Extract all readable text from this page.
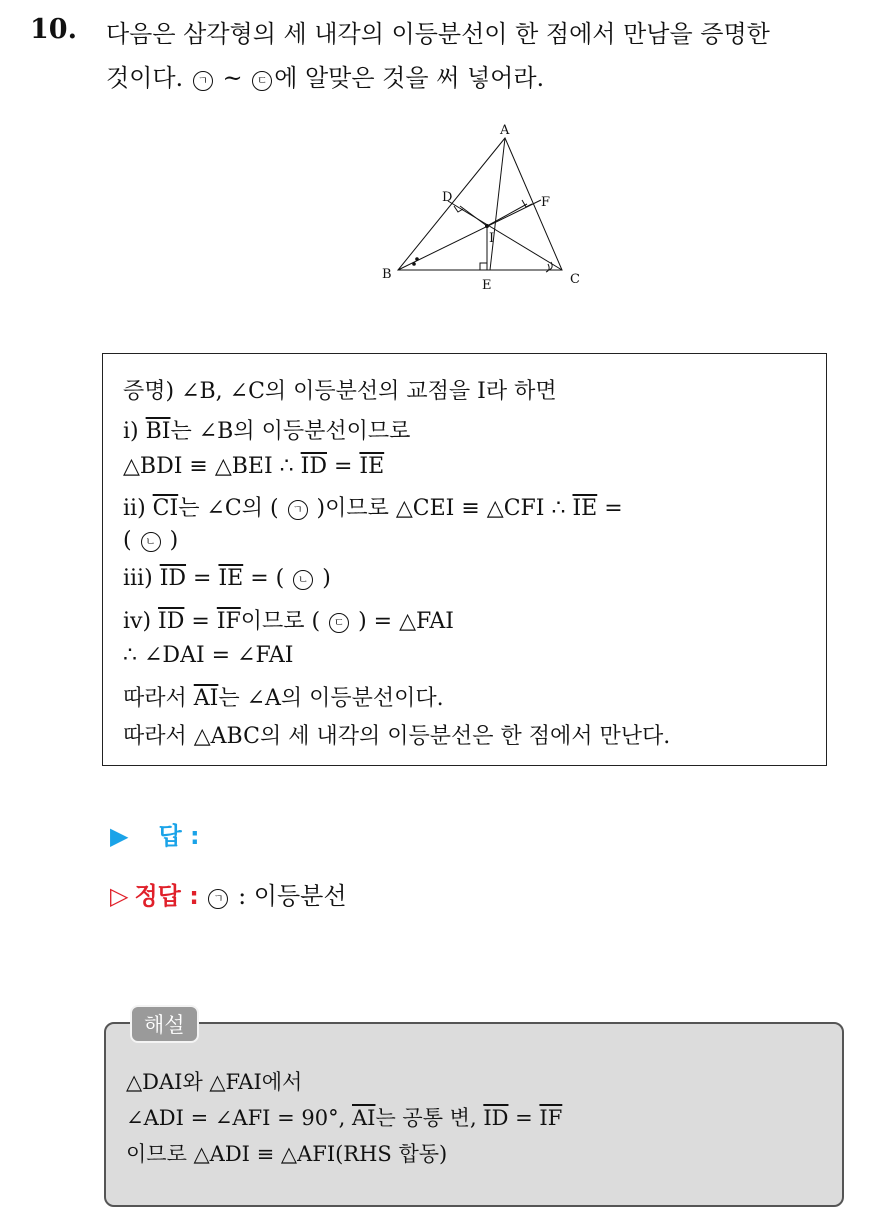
10. 다음은 삼각형의 세 내각의 이등분선이 한 점에서 만남을 증명한
것이다. ㄱ ~ ㄷ 에 알맞은 것을 써 넣어라.
A
B	C
D
E
F
I
증명) ∠B, ∠C의 이등분선의 교점을 I라 하면
ⅰ) $\overline{BI}$는 ∠B의 이등분선이므로
△BDI ≡ △BEI ∴ $\overline{ID} = \overline{IE}$
ⅱ) $\overline{CI}$는 ∠C의 ( ㄱ )이므로 △CEI ≡ △CFI ∴ $\overline{IE}$ =
( ㄴ )
ⅲ) $\overline{ID} = \overline{IE}$ = ( ㄴ )
ⅳ) $\overline{ID} = \overline{IF}$이므로 ( ㄷ ) = △FAI
∴ ∠DAI = ∠FAI
따라서 $\overline{AI}$는 ∠A의 이등분선이다.
따라서 △ABC의 세 내각의 이등분선은 한 점에서 만난다.
▶ 답 :
▷ 정답 : ㄱ : 이등분선
△DAI와 △FAI에서
∠ADI = ∠AFI = 90°, $\overline{AI}$는 공통 변, $\overline{ID} = \overline{IF}$
이므로 △ADI ≡ △AFI(RHS 합동)
해설
